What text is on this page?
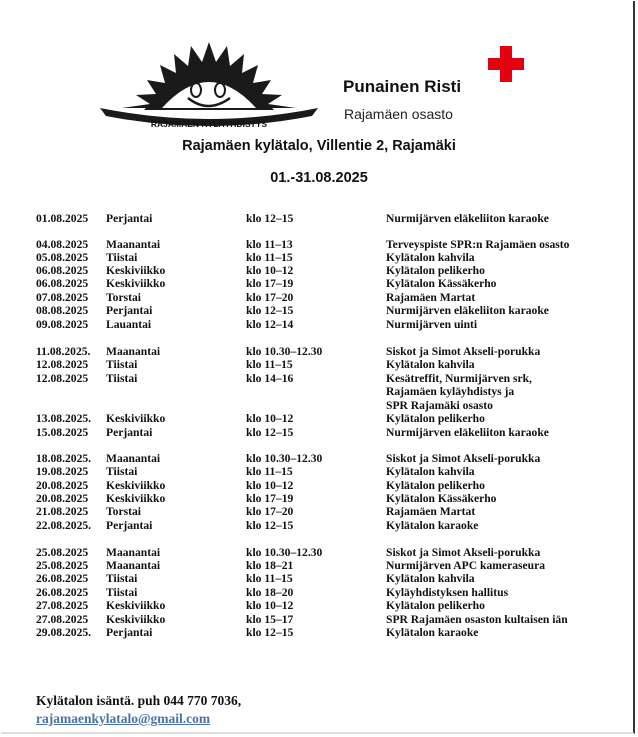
RAJAMÄEN KYLÄYHDISTYS
Punainen Risti
Rajamäen osasto
Rajamäen kylätalo, Villentie 2, Rajamäki
01.-31.08.2025
01.08.2025 Perjantai	klo 12–15	Nurmijärven eläkeliiton karaoke
04.08.2025 Maanantai	klo 11–13	Terveyspiste SPR:n Rajamäen osasto
05.08.2025 Tiistai	klo 11–15	Kylätalon kahvila
06.08.2025 Keskiviikko	klo 10–12	Kylätalon pelikerho
06.08.2025 Keskiviikko	klo 17–19	Kylätalon Kässäkerho
07.08.2025 Torstai	klo 17–20	Rajamäen Martat
08.08.2025 Perjantai	klo 12–15	Nurmijärven eläkeliiton karaoke
09.08.2025 Lauantai	klo 12–14	Nurmijärven uinti
11.08.2025. Maanantai	klo 10.30–12.30	Siskot ja Simot Akseli-porukka
12.08.2025 Tiistai	klo 11–15	Kylätalon kahvila
12.08.2025 Tiistai	klo 14–16	Kesätreffit, Nurmijärven srk,
Rajamäen kyläyhdistys ja
SPR Rajamäki osasto
13.08.2025. Keskiviikko	klo 10–12	Kylätalon pelikerho
15.08.2025 Perjantai	klo 12–15	Nurmijärven eläkeliiton karaoke
18.08.2025. Maanantai	klo 10.30–12.30	Siskot ja Simot Akseli-porukka
19.08.2025 Tiistai	klo 11–15	Kylätalon kahvila
20.08.2025 Keskiviikko	klo 10–12	Kylätalon pelikerho
20.08.2025 Keskiviikko	klo 17–19	Kylätalon Kässäkerho
21.08.2025 Torstai	klo 17–20	Rajamäen Martat
22.08.2025. Perjantai	klo 12–15	Kylätalon karaoke
25.08.2025 Maanantai	klo 10.30–12.30	Siskot ja Simot Akseli-porukka
25.08.2025 Maanantai	klo 18–21	Nurmijärven APC kameraseura
26.08.2025 Tiistai	klo 11–15	Kylätalon kahvila
26.08.2025 Tiistai	klo 18–20	Kyläyhdistyksen hallitus
27.08.2025 Keskiviikko	klo 10–12	Kylätalon pelikerho
27.08.2025 Keskiviikko	klo 15–17	SPR Rajamäen osaston kultaisen iän
29.08.2025. Perjantai	klo 12–15	Kylätalon karaoke
Kylätalon isäntä. puh 044 770 7036,
rajamaenkylatalo@gmail.com
